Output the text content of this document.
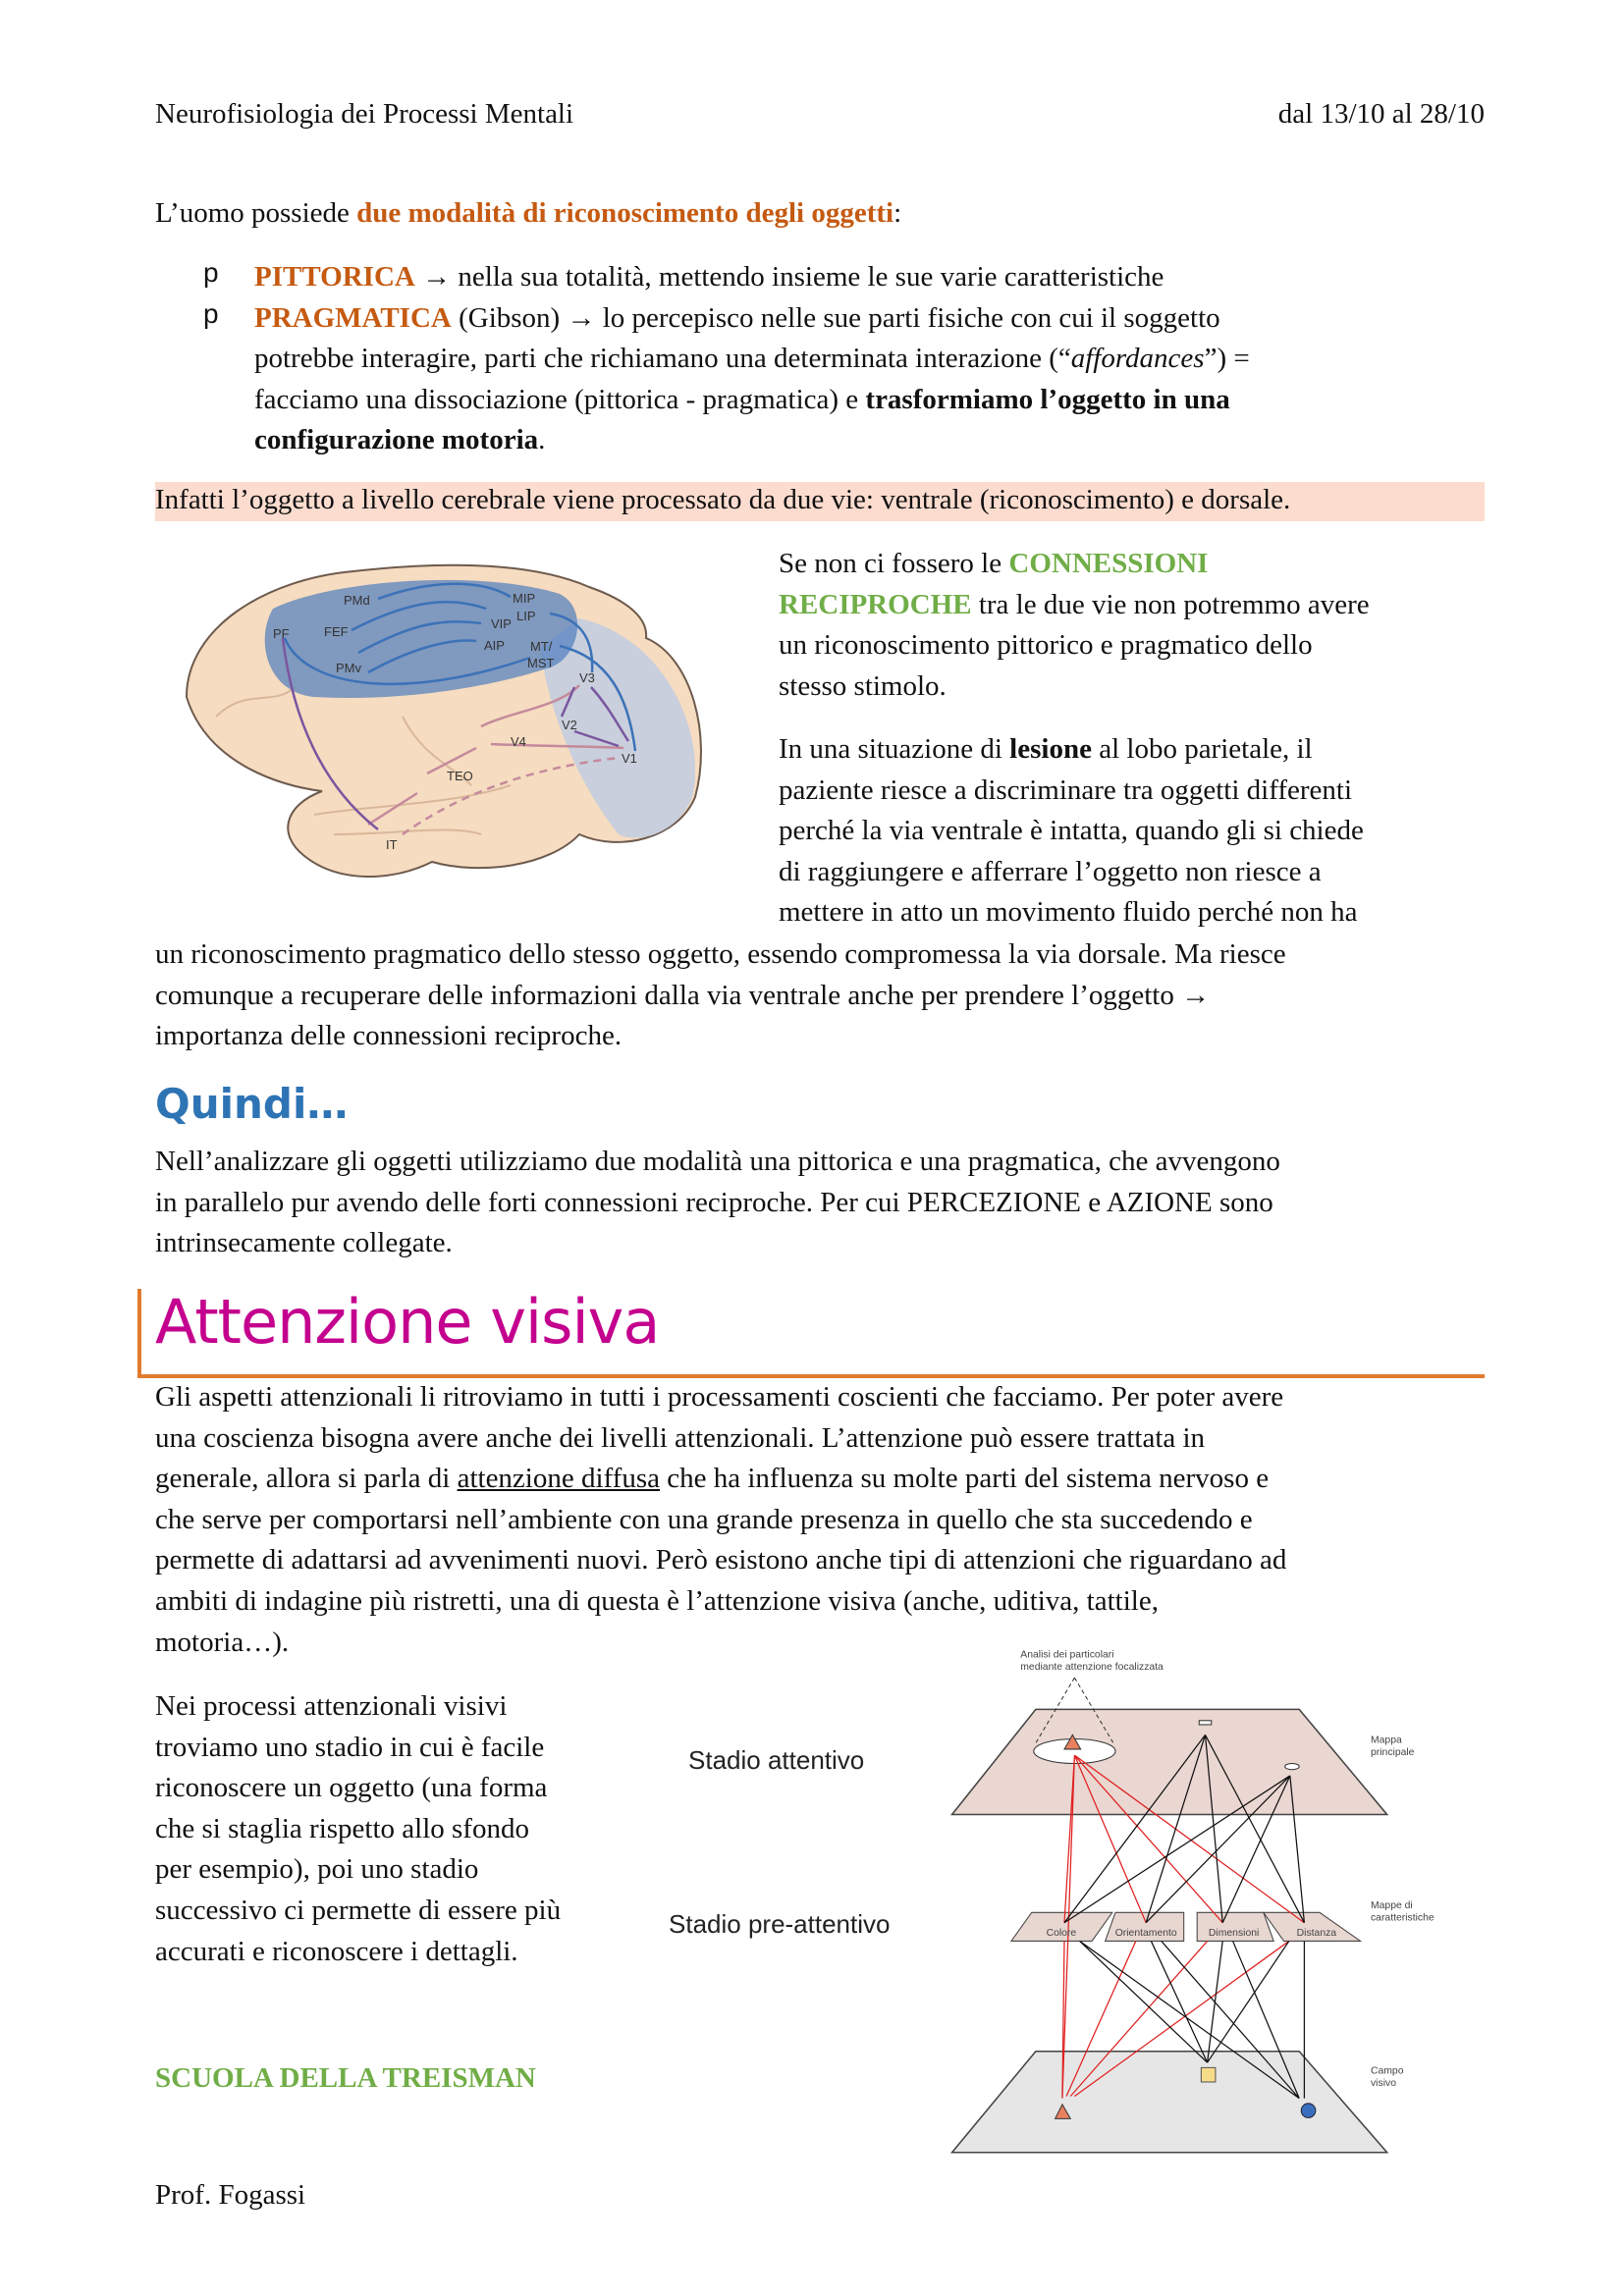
Neurofisiologia dei Processi Mentali	dal 13/10 al 28/10
L’uomo possiede due modalità di riconoscimento degli oggetti:
p
p
PITTORICA → nella sua totalità, mettendo insieme le sue varie caratteristiche
PRAGMATICA (Gibson) → lo percepisco nelle sue parti fisiche con cui il soggetto
potrebbe interagire, parti che richiamano una determinata interazione (“affordances”) =
facciamo una dissociazione (pittorica - pragmatica) e trasformiamo l’oggetto in una
configurazione motoria.
Infatti l’oggetto a livello cerebrale viene processato da due vie: ventrale (riconoscimento) e dorsale.
PMd	MIP
PF	FEF
VIP
LIP
AIP MT/
MST
PMv
V3
V2
V4
V1
TEO
IT
Se non ci fossero le CONNESSIONI
RECIPROCHE tra le due vie non potremmo avere
un riconoscimento pittorico e pragmatico dello
stesso stimolo.
In una situazione di lesione al lobo parietale, il
paziente riesce a discriminare tra oggetti differenti
perché la via ventrale è intatta, quando gli si chiede
di raggiungere e afferrare l’oggetto non riesce a
mettere in atto un movimento fluido perché non ha
un riconoscimento pragmatico dello stesso oggetto, essendo compromessa la via dorsale. Ma riesce
comunque a recuperare delle informazioni dalla via ventrale anche per prendere l’oggetto →
importanza delle connessioni reciproche.
Quindi…
Nell’analizzare gli oggetti utilizziamo due modalità una pittorica e una pragmatica, che avvengono
in parallelo pur avendo delle forti connessioni reciproche. Per cui PERCEZIONE e AZIONE sono
intrinsecamente collegate.
Attenzione visiva
Gli aspetti attenzionali li ritroviamo in tutti i processamenti coscienti che facciamo. Per poter avere
una coscienza bisogna avere anche dei livelli attenzionali. L’attenzione può essere trattata in
generale, allora si parla di attenzione diffusa che ha influenza su molte parti del sistema nervoso e
che serve per comportarsi nell’ambiente con una grande presenza in quello che sta succedendo e
permette di adattarsi ad avvenimenti nuovi. Però esistono anche tipi di attenzioni che riguardano ad
ambiti di indagine più ristretti, una di questa è l’attenzione visiva (anche, uditiva, tattile,
motoria…).
Nei processi attenzionali visivi
troviamo uno stadio in cui è facile
riconoscere un oggetto (una forma
che si staglia rispetto allo sfondo
per esempio), poi uno stadio
successivo ci permette di essere più
accurati e riconoscere i dettagli.
SCUOLA DELLA TREISMAN
Stadio attentivo
Stadio pre-attentivo
Analisi dei particolari
mediante attenzione focalizzata
Mappa
principale
Mappe di
caratteristiche
Campo
visivo
Colore	Orientamento	Dimensioni	Distanza
Prof. Fogassi
